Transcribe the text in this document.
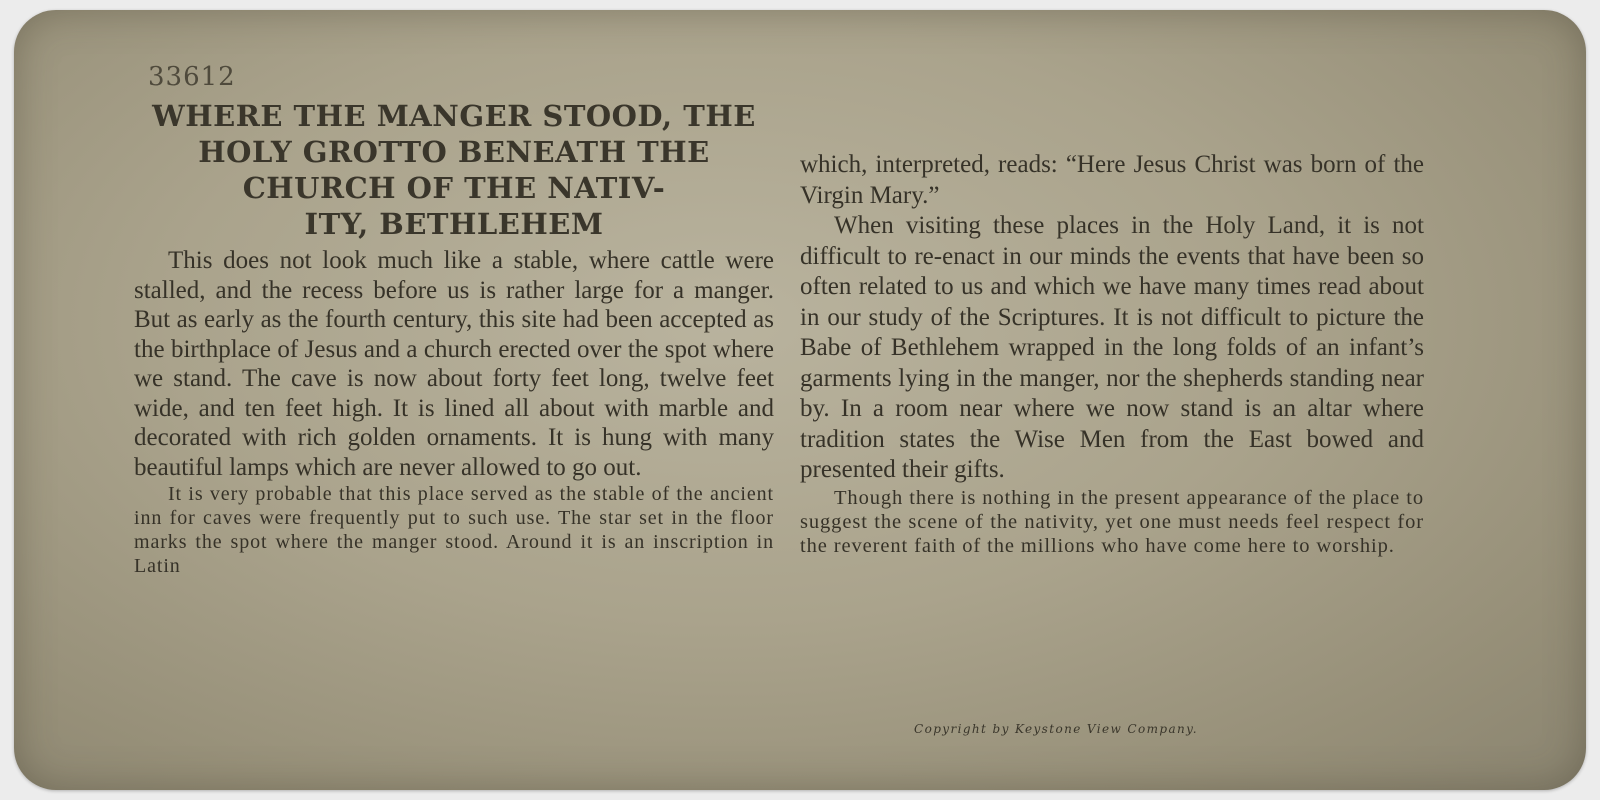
33612
WHERE THE MANGER STOOD, THE
HOLY GROTTO BENEATH THE
CHURCH OF THE NATIV-
ITY, BETHLEHEM

This does not look much like a stable, where cattle were stalled, and the recess before us is rather large for a manger. But as early as the fourth century, this site had been accepted as the birthplace of Jesus and a church erected over the spot where we stand. The cave is now about forty feet long, twelve feet wide, and ten feet high. It is lined all about with marble and decorated with rich golden ornaments. It is hung with many beautiful lamps which are never allowed to go out.

It is very probable that this place served as the stable of the ancient inn for caves were frequently put to such use. The star set in the floor marks the spot where the manger stood. Around it is an inscription in Latin

which, interpreted, reads: “Here Jesus Christ was born of the Virgin Mary.”

When visiting these places in the Holy Land, it is not difficult to re-enact in our minds the events that have been so often related to us and which we have many times read about in our study of the Scriptures. It is not difficult to picture the Babe of Bethlehem wrapped in the long folds of an infant’s garments lying in the manger, nor the shepherds standing near by. In a room near where we now stand is an altar where tradition states the Wise Men from the East bowed and presented their gifts.

Though there is nothing in the present appearance of the place to suggest the scene of the nativity, yet one must needs feel respect for the reverent faith of the millions who have come here to worship.

Copyright by Keystone View Company.
